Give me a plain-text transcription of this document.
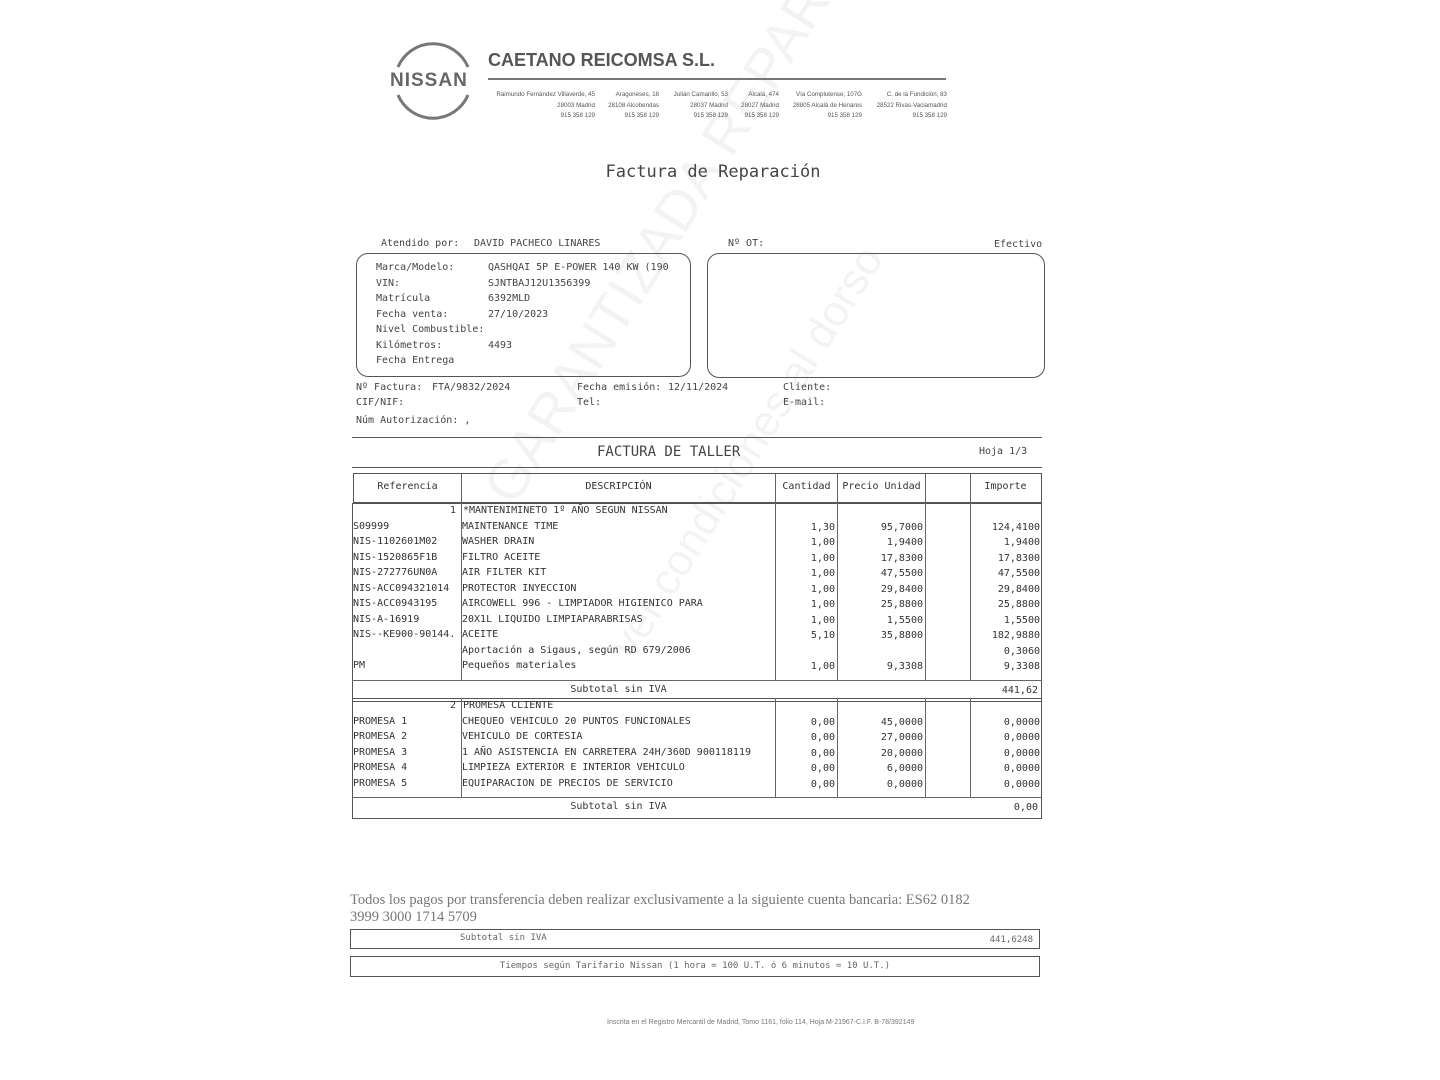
NISSAN
CAETANO REICOMSA S.L.
Raimundo Fernández Villaverde, 45
28003 Madrid
915 358 129
Aragoneses, 18
28108 Alcobendas
915 358 129
Julián Camarillo, 53
28037 Madrid
915 358 129
Alcalá, 474
28027 Madrid
915 358 129
Vía Complutense, 107G
28805 Alcalá de Henares
915 358 129
C. de la Fundición, 83
28522 Rivas-Vaciamadrid
915 358 129
Factura de Reparación
Atendido por: DAVID PACHECO LINARES	Nº OT:	Efectivo
Marca/Modelo:	QASHQAI 5P E-POWER 140 KW (190
VIN:	SJNTBAJ12U1356399
Matrícula	6392MLD
Fecha venta:	27/10/2023
Nivel Combustible:
Kilómetros:	4493
Fecha Entrega
Nº Factura: FTA/9832/2024	Fecha emisión: 12/11/2024	Cliente:
CIF/NIF:	Tel:	E-mail:
Núm Autorización: ,
FACTURA DE TALLER	Hoja 1/3
Referencia	DESCRIPCIÓN	Cantidad	Precio Unidad	Importe
1 *MANTENIMINETO 1º AÑO SEGUN NISSAN
S09999	MAINTENANCE TIME	1,30	95,7000	124,4100
NIS-1102601M02 WASHER DRAIN	1,00	1,9400	1,9400
NIS-1520865F1B FILTRO ACEITE	1,00	17,8300	17,8300
NIS-272776UN0A AIR FILTER KIT	1,00	47,5500	47,5500
NIS-ACC094321014 PROTECTOR INYECCION	1,00	29,8400	29,8400
NIS-ACC0943195 AIRCOWELL 996 - LIMPIADOR HIGIENICO PARA	1,00	25,8800	25,8800
NIS-A-16919	20X1L LIQUIDO LIMPIAPARABRISAS	1,00	1,5500	1,5500
NIS--KE900-90144. ACEITE	5,10	35,8800	182,9880
Aportación a Sigaus, según RD 679/2006	0,3060
PM	Pequeños materiales	1,00	9,3308	9,3308
Subtotal sin IVA	441,62
2 PROMESA CLIENTE
PROMESA 1	CHEQUEO VEHICULO 20 PUNTOS FUNCIONALES	0,00	45,0000	0,0000
PROMESA 2	VEHICULO DE CORTESIA	0,00	27,0000	0,0000
PROMESA 3	1 AÑO ASISTENCIA EN CARRETERA 24H/360D 900118119	0,00	20,0000	0,0000
PROMESA 4	LIMPIEZA EXTERIOR E INTERIOR VEHICULO	0,00	6,0000	0,0000
PROMESA 5	EQUIPARACION DE PRECIOS DE SERVICIO	0,00	0,0000	0,0000
Subtotal sin IVA	0,00
Todos los pagos por transferencia deben realizar exclusivamente a la siguiente cuenta bancaria: ES62 0182
3999 3000 1714 5709
Subtotal sin IVA	441,6248
Tiempos según Tarifario Nissan (1 hora = 100 U.T. ó 6 minutos = 10 U.T.)
Inscrita en el Registro Mercantil de Madrid, Tomo 1161, folio 114, Hoja M-21967-C.I.F. B-78/392149
